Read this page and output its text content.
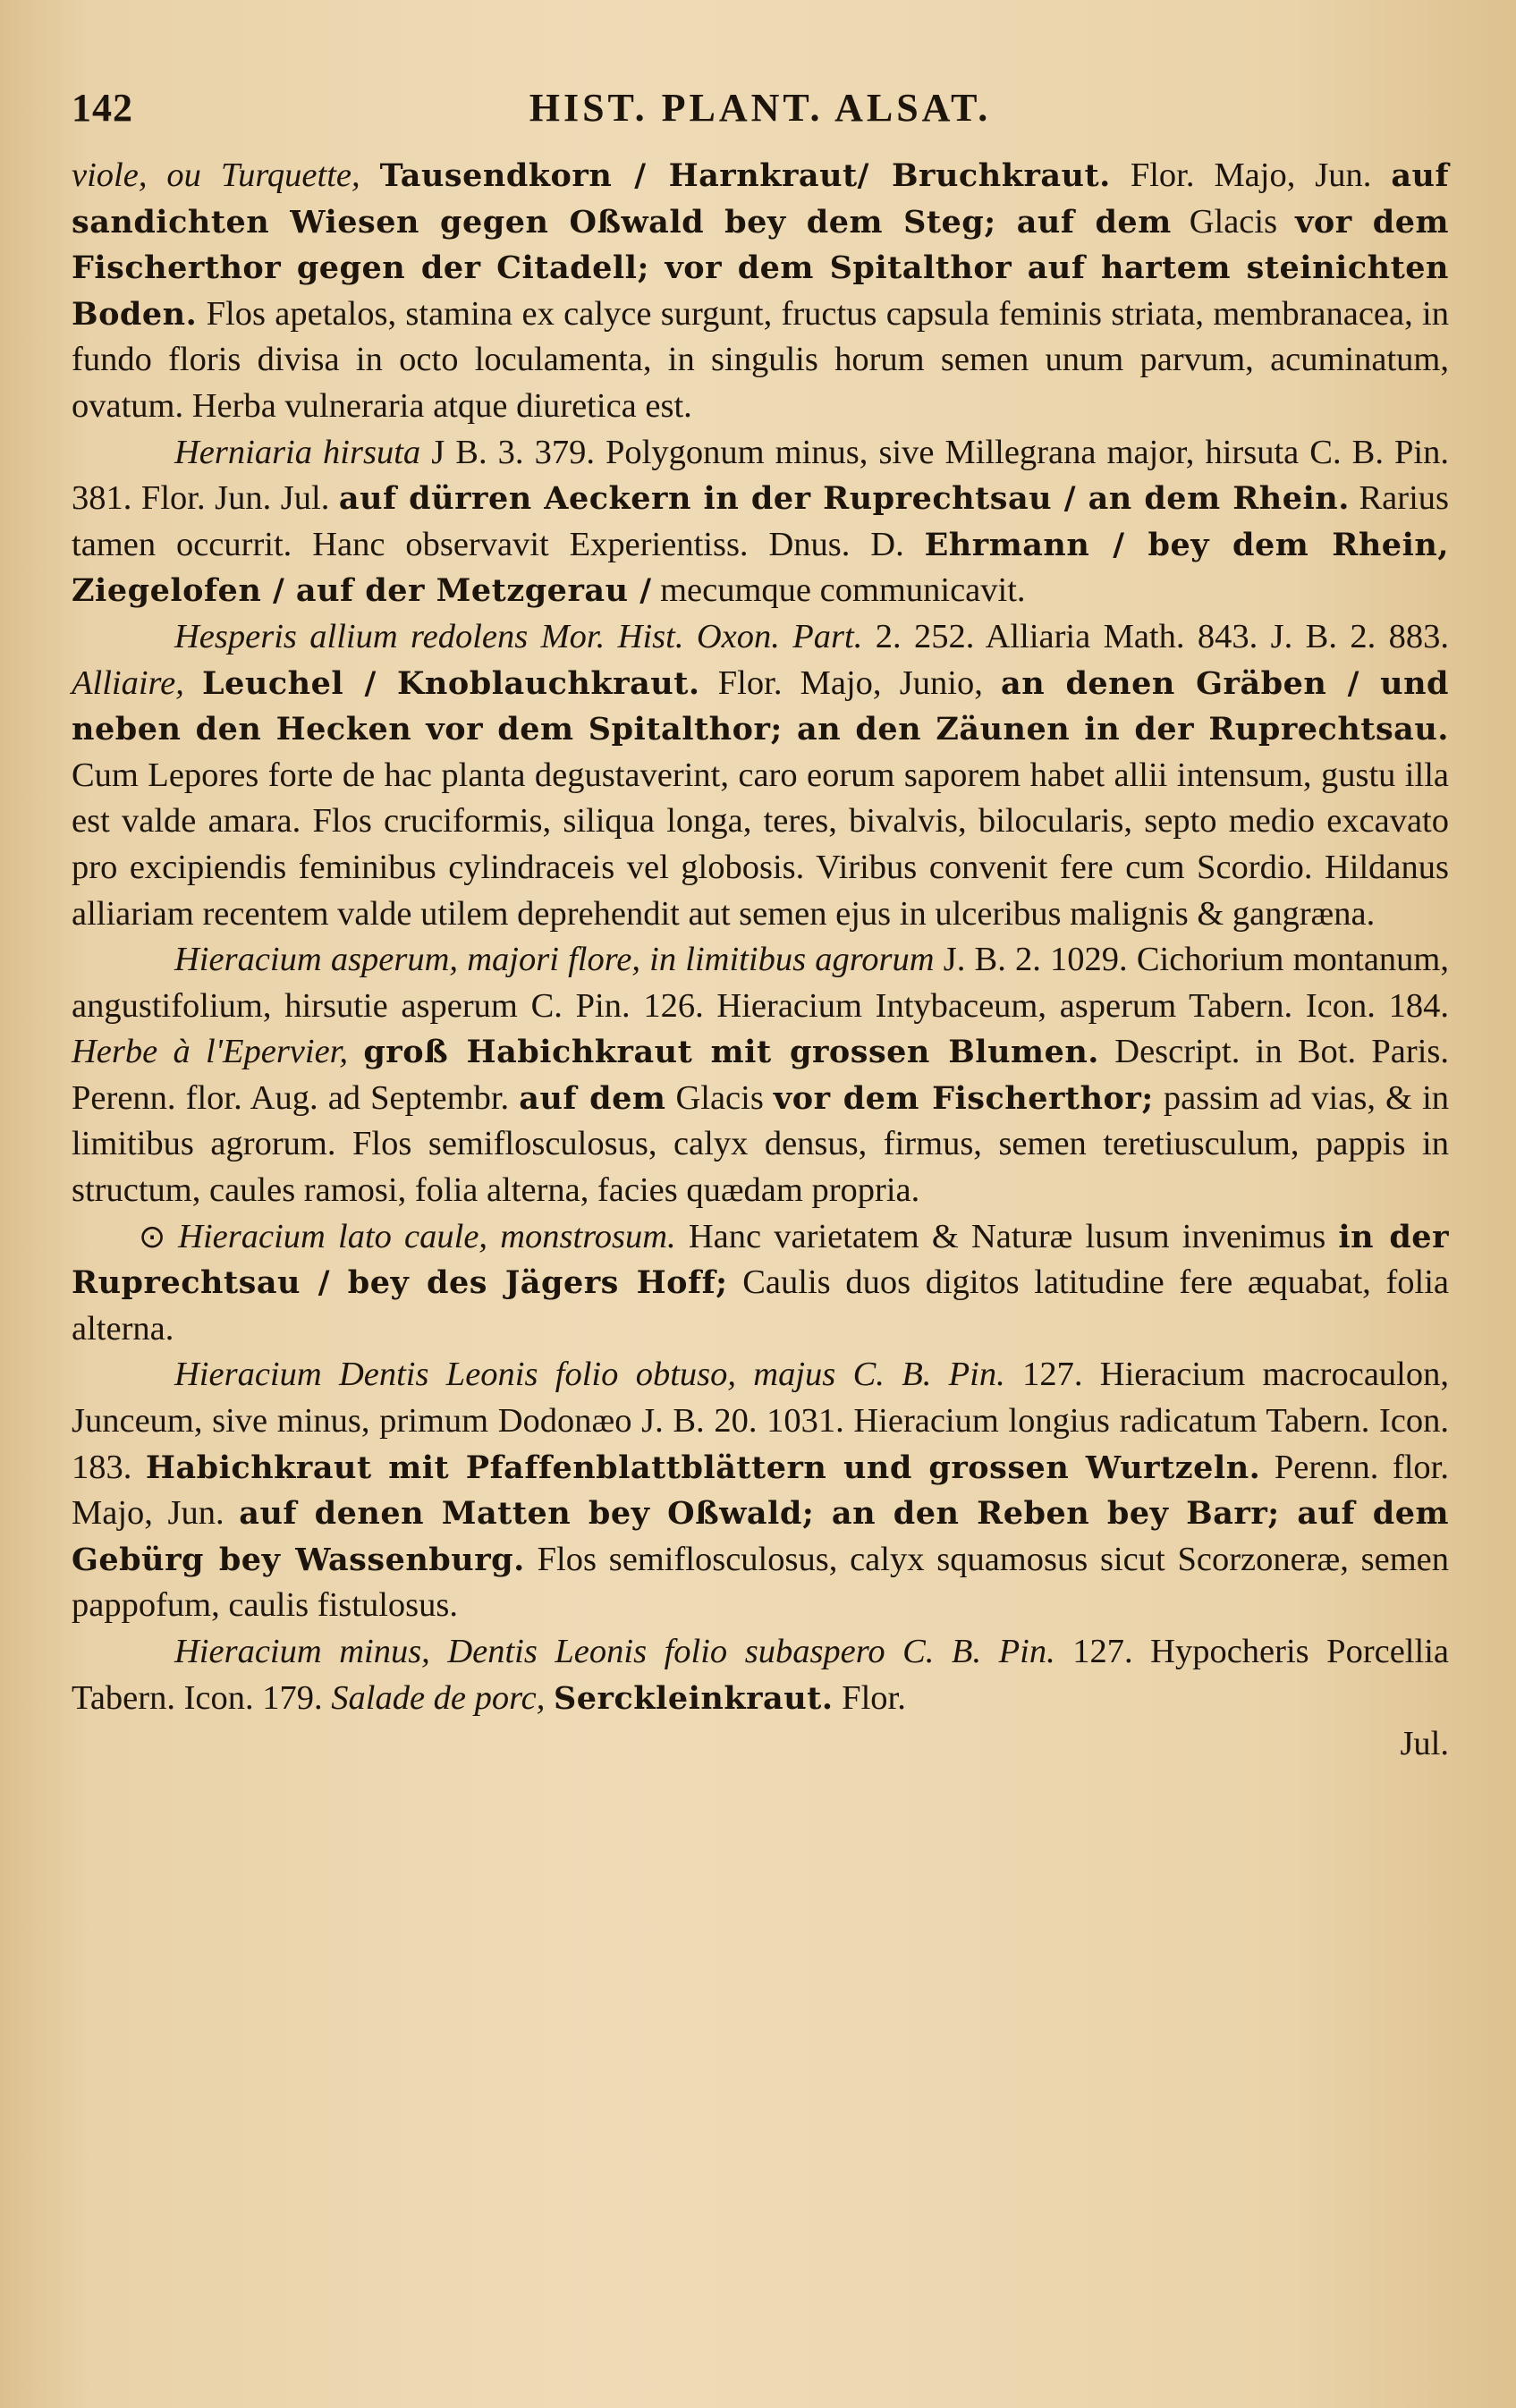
142	HIST. PLANT. ALSAT.

viole, ou Turquette, Tausendkorn / Harnkraut/ Bruchkraut. Flor. Majo, Jun. auf sandichten Wiesen gegen Oßwald bey dem Steg; auf dem Glacis vor dem Fischerthor gegen der Citadell; vor dem Spitalthor auf hartem steinichten Boden. Flos apetalos, stamina ex calyce surgunt, fructus capsula feminis striata, membranacea, in fundo floris divisa in octo loculamenta, in singulis horum semen unum parvum, acuminatum, ovatum. Herba vulneraria atque diuretica est.

Herniaria hirsuta J B. 3. 379. Polygonum minus, sive Millegrana major, hirsuta C. B. Pin. 381. Flor. Jun. Jul. auf dürren Aeckern in der Ruprechtsau / an dem Rhein. Rarius tamen occurrit. Hanc observavit Experientiss. Dnus. D. Ehrmann / bey dem Rhein, Ziegelofen / auf der Metzgerau / mecumque communicavit.

Hesperis allium redolens Mor. Hist. Oxon. Part. 2. 252. Alliaria Math. 843. J. B. 2. 883. Alliaire, Leuchel / Knoblauchkraut. Flor. Majo, Junio, an denen Gräben / und neben den Hecken vor dem Spitalthor; an den Zäunen in der Ruprechtsau. Cum Lepores forte de hac planta degustaverint, caro eorum saporem habet allii intensum, gustu illa est valde amara. Flos cruciformis, siliqua longa, teres, bivalvis, bilocularis, septo medio excavato pro excipiendis feminibus cylindraceis vel globosis. Viribus convenit fere cum Scordio. Hildanus alliariam recentem valde utilem deprehendit aut semen ejus in ulceribus malignis & gangræna.

Hieracium asperum, majori flore, in limitibus agrorum J. B. 2. 1029. Cichorium montanum, angustifolium, hirsutie asperum C. Pin. 126. Hieracium Intybaceum, asperum Tabern. Icon. 184. Herbe à l'Epervier, groß Habichkraut mit grossen Blumen. Descript. in Bot. Paris. Perenn. flor. Aug. ad Septembr. auf dem Glacis vor dem Fischerthor; passim ad vias, & in limitibus agrorum. Flos semiflosculosus, calyx densus, firmus, semen teretiusculum, pappis in structum, caules ramosi, folia alterna, facies quædam propria.

⊙ Hieracium lato caule, monstrosum. Hanc varietatem & Naturæ lusum invenimus in der Ruprechtsau / bey des Jägers Hoff; Caulis duos digitos latitudine fere æquabat, folia alterna.

Hieracium Dentis Leonis folio obtuso, majus C. B. Pin. 127. Hieracium macrocaulon, Junceum, sive minus, primum Dodonæo J. B. 20. 1031. Hieracium longius radicatum Tabern. Icon. 183. Habichkraut mit Pfaffenblattblättern und grossen Wurtzeln. Perenn. flor. Majo, Jun. auf denen Matten bey Oßwald; an den Reben bey Barr; auf dem Gebürg bey Wassenburg. Flos semiflosculosus, calyx squamosus sicut Scorzoneræ, semen pappofum, caulis fistulosus.

Hieracium minus, Dentis Leonis folio subaspero C. B. Pin. 127. Hypocheris Porcellia Tabern. Icon. 179. Salade de porc, Serckleinkraut. Flor.

Jul.
